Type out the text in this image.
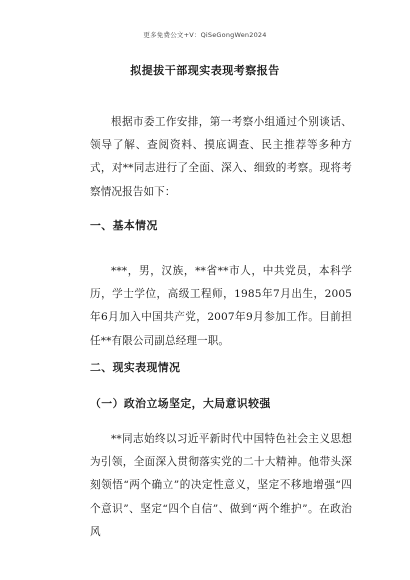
更多免费公文+V：QiSeGongWen2024
拟提拔干部现实表现考察报告

根据市委工作安排，第一考察小组通过个别谈话、领导了解、查阅资料、摸底调查、民主推荐等多种方式，对**同志进行了全面、深入、细致的考察。现将考察情况报告如下：

一、基本情况

***，男，汉族，**省**市人，中共党员，本科学历，学士学位，高级工程师，1985年7月出生，2005年6月加入中国共产党，2007年9月参加工作。目前担任**有限公司副总经理一职。

二、现实表现情况
（一）政治立场坚定，大局意识较强

**同志始终以习近平新时代中国特色社会主义思想为引领，全面深入贯彻落实党的二十大精神。他带头深刻领悟“两个确立”的决定性意义，坚定不移地增强“四个意识”、坚定“四个自信”、做到“两个维护”。在政治风
